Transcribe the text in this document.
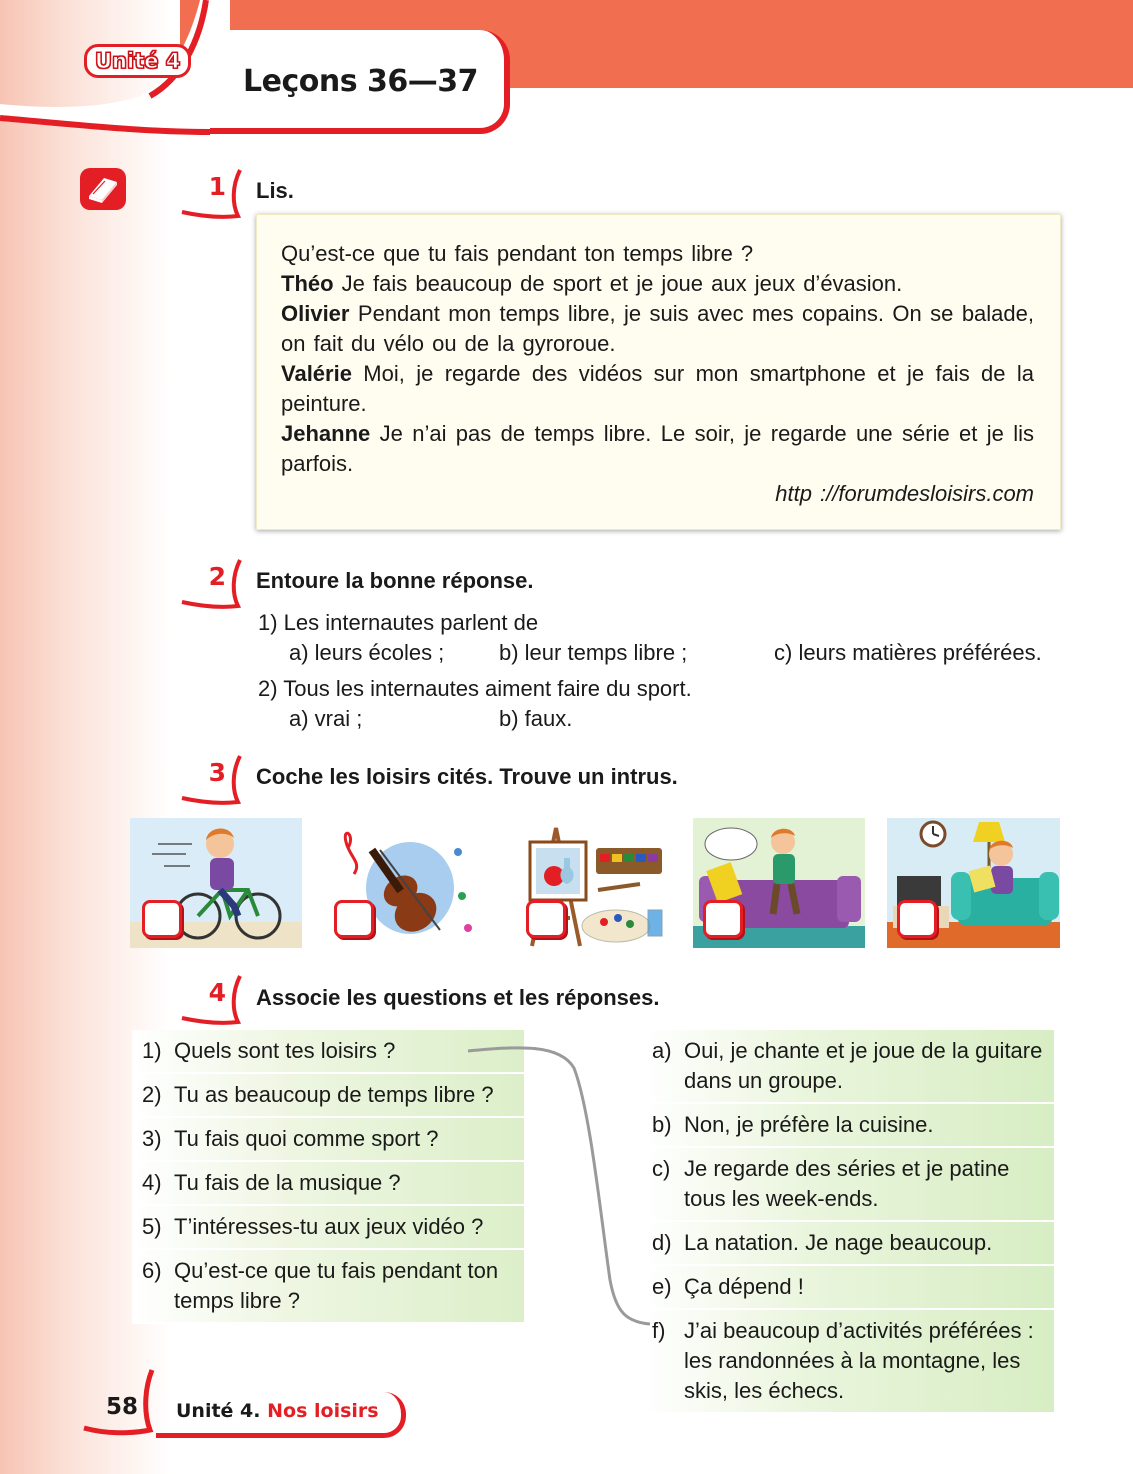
Unité 4
Leçons 36—37
1 Lis.

Qu’est-ce que tu fais pendant ton temps libre ?

Théo Je fais beaucoup de sport et je joue aux jeux d’évasion.

Olivier Pendant mon temps libre, je suis avec mes copains. On se balade, on fait du vélo ou de la gyroroue.

Valérie Moi, je regarde des vidéos sur mon smartphone et je fais de la peinture.

Jehanne Je n’ai pas de temps libre. Le soir, je regarde une série et je lis parfois.

http ://forumdesloisirs.com

2 Entoure la bonne réponse.
1) Les internautes parlent de
a) leurs écoles ; b) leur temps libre ;	c) leurs matières préférées.
2) Tous les internautes aiment faire du sport.
a) vrai ;	b) faux.
3 Coche les loisirs cités. Trouve un intrus.
4 Associe les questions et les réponses.
1) Quels sont tes loisirs ?
2) Tu as beaucoup de temps libre ?
3) Tu fais quoi comme sport ?
4) Tu fais de la musique ?
5) T’intéresses-tu aux jeux vidéo ?
6) Qu’est-ce que tu fais pendant ton temps libre ?
a) Oui, je chante et je joue de la guitare dans un groupe.
b) Non, je préfère la cuisine.
c) Je regarde des séries et je patine tous les week-ends.
d) La natation. Je nage beaucoup.
e) Ça dépend !
f) J’ai beaucoup d’activités préférées : les randonnées à la montagne, les skis, les échecs.
58	Unité 4. Nos loisirs
